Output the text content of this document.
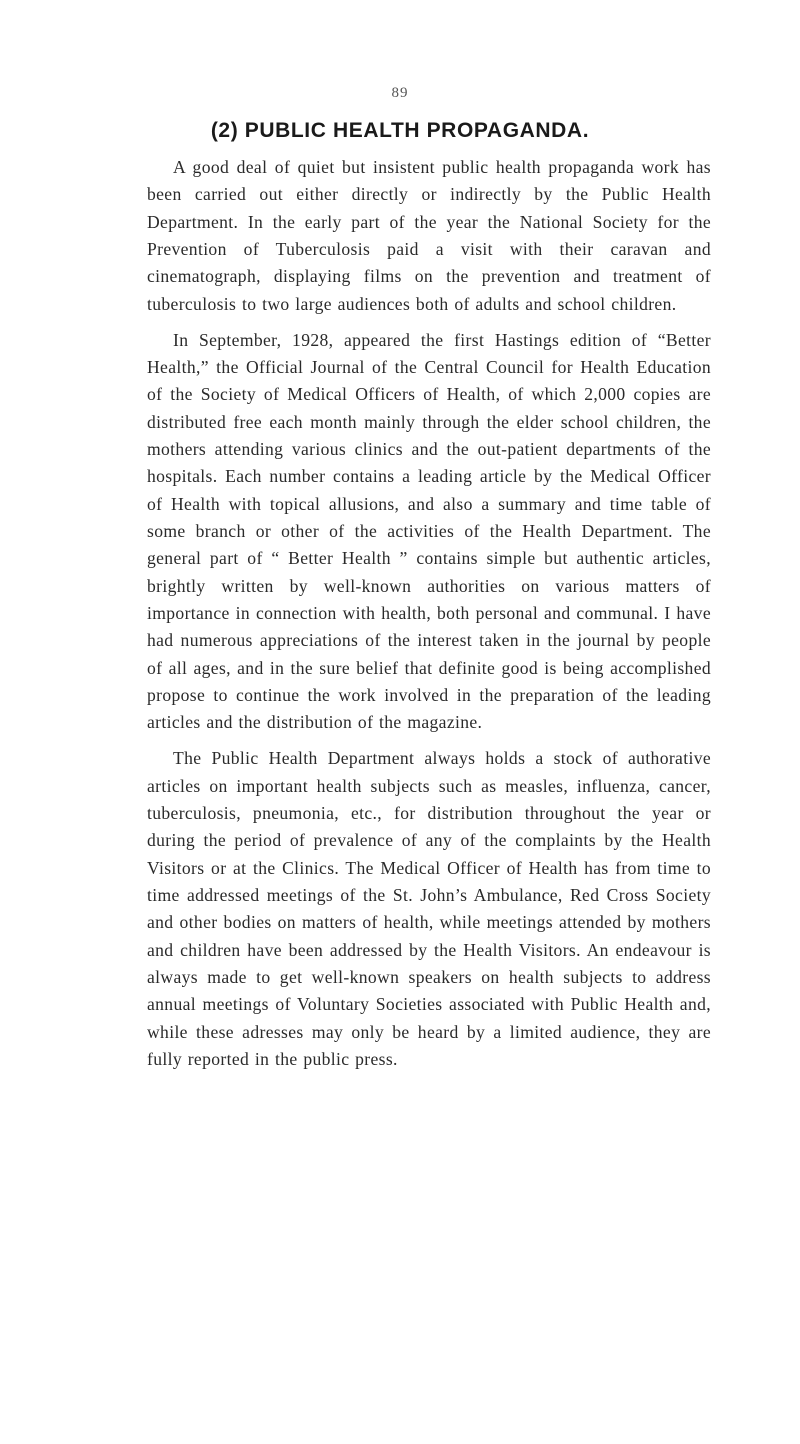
89
(2) PUBLIC HEALTH PROPAGANDA.

A good deal of quiet but insistent public health propaganda work has been carried out either directly or indirectly by the Public Health Department. In the early part of the year the National Society for the Prevention of Tuberculosis paid a visit with their caravan and cinematograph, displaying films on the prevention and treatment of tuberculosis to two large audiences both of adults and school children.

In September, 1928, appeared the first Hastings edition of “Better Health,” the Official Journal of the Central Council for Health Education of the Society of Medical Officers of Health, of which 2,000 copies are distributed free each month mainly through the elder school children, the mothers attending various clinics and the out-patient departments of the hospitals. Each number contains a leading article by the Medical Officer of Health with topical allusions, and also a summary and time table of some branch or other of the activities of the Health Department. The general part of “ Better Health ” contains simple but authentic articles, brightly written by well-known authorities on various matters of importance in connection with health, both personal and communal. I have had numerous appreciations of the interest taken in the journal by people of all ages, and in the sure belief that definite good is being accomplished propose to continue the work involved in the preparation of the leading articles and the distribution of the magazine.

The Public Health Department always holds a stock of authorative articles on important health subjects such as measles, influenza, cancer, tuberculosis, pneumonia, etc., for distribution throughout the year or during the period of prevalence of any of the complaints by the Health Visitors or at the Clinics. The Medical Officer of Health has from time to time addressed meetings of the St. John’s Ambulance, Red Cross Society and other bodies on matters of health, while meetings attended by mothers and children have been addressed by the Health Visitors. An endeavour is always made to get well-known speakers on health subjects to address annual meetings of Voluntary Societies associated with Public Health and, while these adresses may only be heard by a limited audience, they are fully reported in the public press.
